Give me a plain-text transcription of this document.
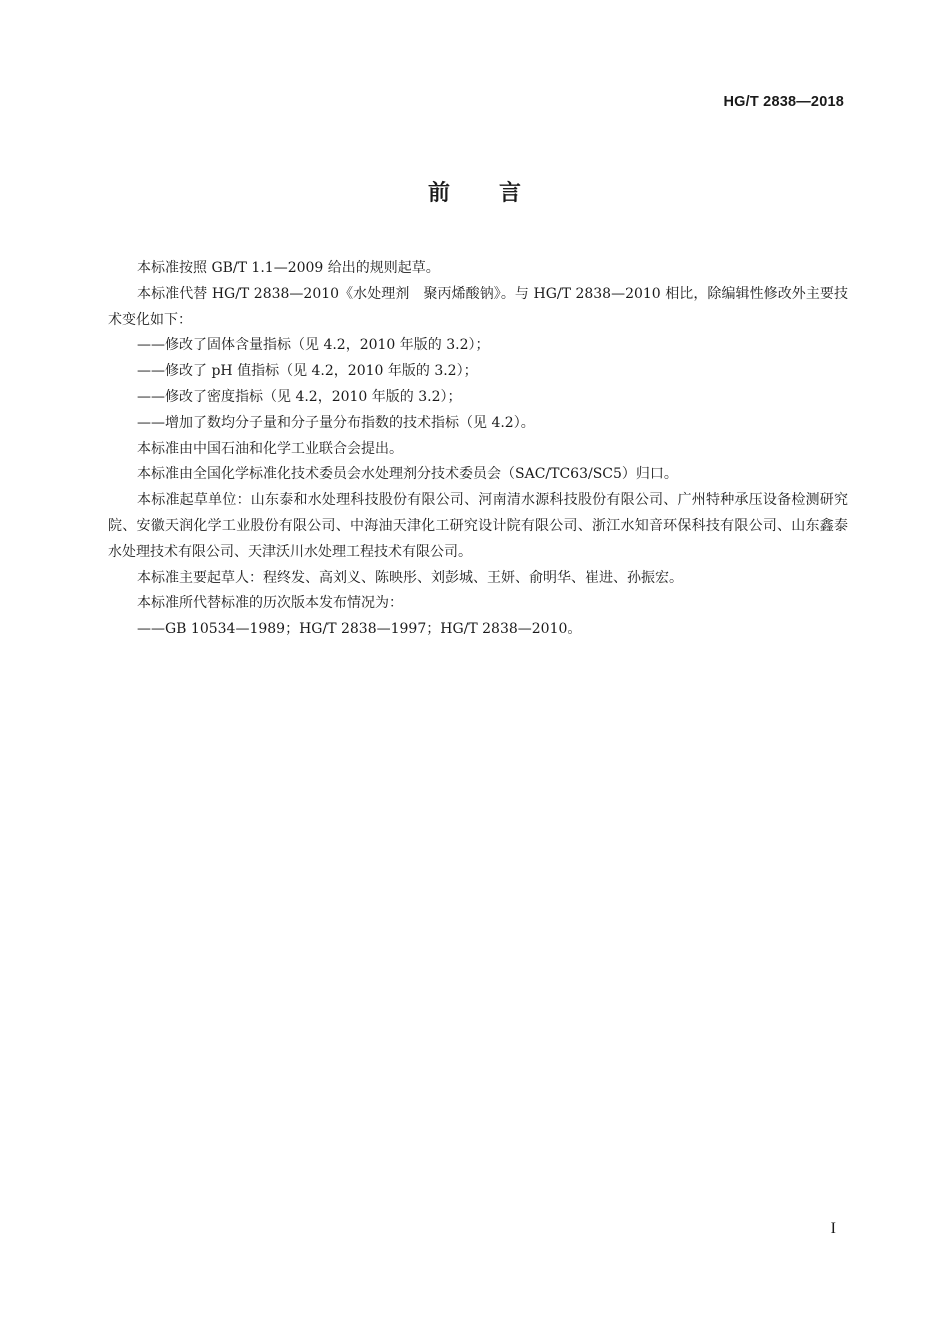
HG/T 2838—2018
前 言

本标准按照 GB/T 1.1—2009 给出的规则起草。

本标准代替 HG/T 2838—2010《水处理剂　聚丙烯酸钠》。与 HG/T 2838—2010 相比，除编辑性修改外主要技术变化如下：

——修改了固体含量指标（见 4.2，2010 年版的 3.2）；

——修改了 pH 值指标（见 4.2，2010 年版的 3.2）；

——修改了密度指标（见 4.2，2010 年版的 3.2）；

——增加了数均分子量和分子量分布指数的技术指标（见 4.2）。

本标准由中国石油和化学工业联合会提出。

本标准由全国化学标准化技术委员会水处理剂分技术委员会（SAC/TC63/SC5）归口。

本标准起草单位：山东泰和水处理科技股份有限公司、河南清水源科技股份有限公司、广州特种承压设备检测研究院、安徽天润化学工业股份有限公司、中海油天津化工研究设计院有限公司、浙江水知音环保科技有限公司、山东鑫泰水处理技术有限公司、天津沃川水处理工程技术有限公司。

本标准主要起草人：程终发、高刘义、陈映彤、刘彭城、王妍、俞明华、崔进、孙振宏。

本标准所代替标准的历次版本发布情况为：

——GB 10534—1989；HG/T 2838—1997；HG/T 2838—2010。

I
